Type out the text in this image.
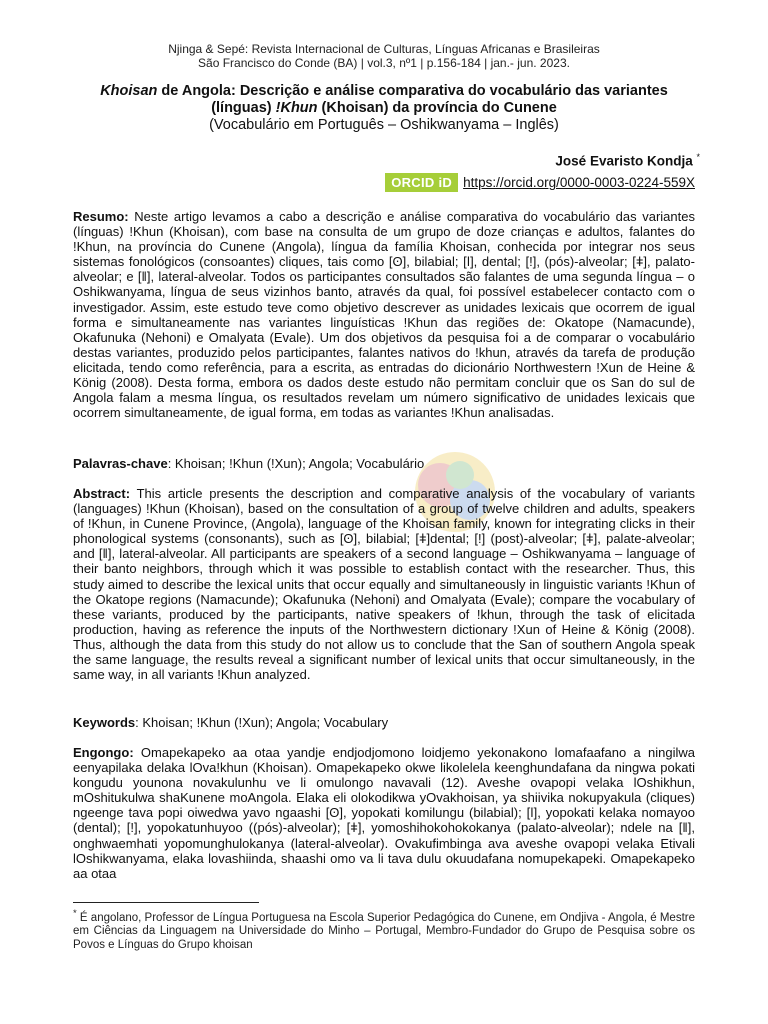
Njinga & Sepé: Revista Internacional de Culturas, Línguas Africanas e Brasileiras
São Francisco do Conde (BA) | vol.3, nº1 | p.156-184 | jan.- jun. 2023.
Khoisan de Angola: Descrição e análise comparativa do vocabulário das variantes
(línguas) !Khun (Khoisan) da província do Cunene
(Vocabulário em Português – Oshikwanyama – Inglês)
José Evaristo Kondja *
ORCID iD https://orcid.org/0000-0003-0224-559X
Resumo: Neste artigo levamos a cabo a descrição e análise comparativa do vocabulário das variantes (línguas) !Khun (Khoisan), com base na consulta de um grupo de doze crianças e adultos, falantes do !Khun, na província do Cunene (Angola), língua da família Khoisan, conhecida por integrar nos seus sistemas fonológicos (consoantes) cliques, tais como [ʘ], bilabial; [ǀ], dental; [!], (pós)-alveolar; [ǂ], palato-alveolar; e [ǁ], lateral-alveolar. Todos os participantes consultados são falantes de uma segunda língua – o Oshikwanyama, língua de seus vizinhos banto, através da qual, foi possível estabelecer contacto com o investigador. Assim, este estudo teve como objetivo descrever as unidades lexicais que ocorrem de igual forma e simultaneamente nas variantes linguísticas !Khun das regiões de: Okatope (Namacunde), Okafunuka (Nehoni) e Omalyata (Evale). Um dos objetivos da pesquisa foi a de comparar o vocabulário destas variantes, produzido pelos participantes, falantes nativos do !khun, através da tarefa de produção elicitada, tendo como referência, para a escrita, as entradas do dicionário Northwestern !Xun de Heine & König (2008). Desta forma, embora os dados deste estudo não permitam concluir que os San do sul de Angola falam a mesma língua, os resultados revelam um número significativo de unidades lexicais que ocorrem simultaneamente, de igual forma, em todas as variantes !Khun analisadas.
Palavras-chave: Khoisan; !Khun (!Xun); Angola; Vocabulário
Abstract: This article presents the description and comparative analysis of the vocabulary of variants (languages) !Khun (Khoisan), based on the consultation of a group of twelve children and adults, speakers of !Khun, in Cunene Province, (Angola), language of the Khoisan family, known for integrating clicks in their phonological systems (consonants), such as [ʘ], bilabial; [ǂ]dental; [!] (post)-alveolar; [ǂ], palate-alveolar; and [ǁ], lateral-alveolar. All participants are speakers of a second language – Oshikwanyama – language of their banto neighbors, through which it was possible to establish contact with the researcher. Thus, this study aimed to describe the lexical units that occur equally and simultaneously in linguistic variants !Khun of the Okatope regions (Namacunde); Okafunuka (Nehoni) and Omalyata (Evale); compare the vocabulary of these variants, produced by the participants, native speakers of !khun, through the task of elicitada production, having as reference the inputs of the Northwestern dictionary !Xun of Heine & König (2008). Thus, although the data from this study do not allow us to conclude that the San of southern Angola speak the same language, the results reveal a significant number of lexical units that occur simultaneously, in the same way, in all variants !Khun analyzed.
Keywords: Khoisan; !Khun (!Xun); Angola; Vocabulary
Engongo: Omapekapeko aa otaa yandje endjodjomono loidjemo yekonakono lomafaafano a ningilwa eenyapilaka delaka lOva!khun (Khoisan). Omapekapeko okwe likolelela keenghundafana da ningwa pokati kongudu younona novakulunhu ve li omulongo navavali (12). Aveshe ovapopi velaka lOshikhun, mOshitukulwa shaKunene moAngola. Elaka eli olokodikwa yOvakhoisan, ya shiivika nokupyakula (cliques) ngeenge tava popi oiwedwa yavo ngaashi [ʘ], yopokati komilungu (bilabial); [ǀ], yopokati kelaka nomayoo (dental); [!], yopokatunhuyoo ((pós)-alveolar); [ǂ], yomoshihokohokokanya (palato-alveolar); ndele na [ǁ], onghwaemhati yopomunghulokanya (lateral-alveolar). Ovakufimbinga ava aveshe ovapopi velaka Etivali lOshikwanyama, elaka lovashiinda, shaashi omo va li tava dulu okuudafana nomupekapeki. Omapekapeko aa otaa
* É angolano, Professor de Língua Portuguesa na Escola Superior Pedagógica do Cunene, em Ondjiva - Angola, é Mestre em Ciências da Linguagem na Universidade do Minho – Portugal, Membro-Fundador do Grupo de Pesquisa sobre os Povos e Línguas do Grupo khoisan
